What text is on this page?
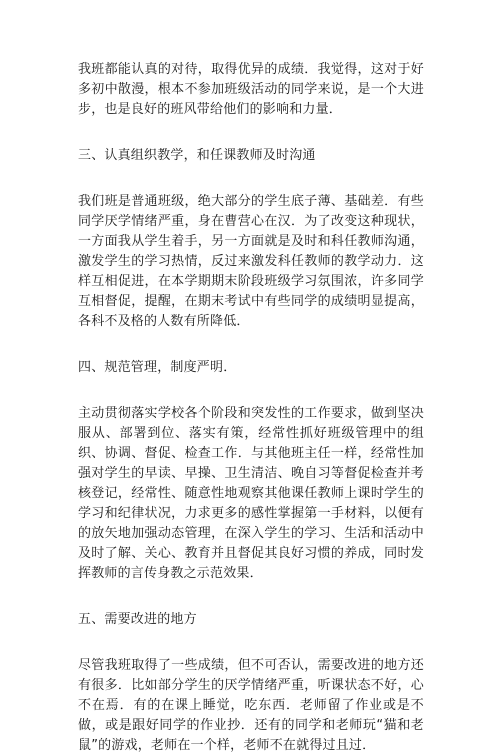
我班都能认真的对待，取得优异的成绩．我觉得，这对于好多初中散漫，根本不参加班级活动的同学来说，是一个大进步，也是良好的班风带给他们的影响和力量．

三、认真组织教学，和任课教师及时沟通

我们班是普通班级，绝大部分的学生底子薄、基础差．有些同学厌学情绪严重，身在曹营心在汉．为了改变这种现状，一方面我从学生着手，另一方面就是及时和科任教师沟通，激发学生的学习热情，反过来激发科任教师的教学动力．这样互相促进，在本学期期末阶段班级学习氛围浓，许多同学互相督促，提醒，在期末考试中有些同学的成绩明显提高，各科不及格的人数有所降低．

四、规范管理，制度严明．

主动贯彻落实学校各个阶段和突发性的工作要求，做到坚决服从、部署到位、落实有策，经常性抓好班级管理中的组织、协调、督促、检查工作．与其他班主任一样，经常性加强对学生的早读、早操、卫生清洁、晚自习等督促检查并考核登记，经常性、随意性地观察其他课任教师上课时学生的学习和纪律状况，力求更多的感性掌握第一手材料，以便有的放矢地加强动态管理，在深入学生的学习、生活和活动中及时了解、关心、教育并且督促其良好习惯的养成，同时发挥教师的言传身教之示范效果．

五、需要改进的地方

尽管我班取得了一些成绩，但不可否认，需要改进的地方还有很多．比如部分学生的厌学情绪严重，听课状态不好，心不在焉．有的在课上睡觉，吃东西．老师留了作业或是不做，或是跟好同学的作业抄．还有的同学和老师玩“猫和老鼠”的游戏，老师在一个样，老师不在就得过且过．
